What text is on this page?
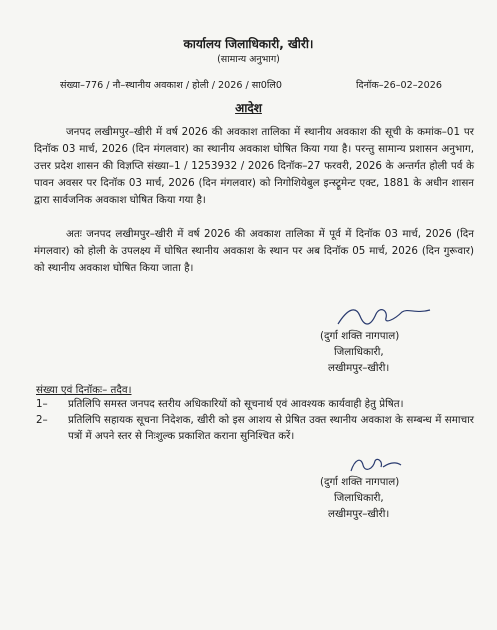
कार्यालय जिलाधिकारी, खीरी।
(सामान्य अनुभाग)
संख्या–776 / नौ–स्थानीय अवकाश / होली / 2026 / सा0लि0	दिनॉक–26–02–2026
आदेश
जनपद लखीमपुर–खीरी में वर्ष 2026 की अवकाश तालिका में स्थानीय अवकाश की सूची के कमांक–01 पर दिनॉक 03 मार्च, 2026 (दिन मंगलवार) का स्थानीय अवकाश घोषित किया गया है। परन्तु सामान्य प्रशासन अनुभाग, उत्तर प्रदेश शासन की विज्ञप्ति संख्या–1 / 1253932 / 2026 दिनॉक–27 फरवरी, 2026 के अन्तर्गत होली पर्व के पावन अवसर पर दिनॉक 03 मार्च, 2026 (दिन मंगलवार) को निगोशियेबुल इन्स्ट्रूमेन्ट एक्ट, 1881 के अधीन शासन द्वारा सार्वजनिक अवकाश घोषित किया गया है।
अतः जनपद लखीमपुर–खीरी में वर्ष 2026 की अवकाश तालिका में पूर्व में दिनॉक 03 मार्च, 2026 (दिन मंगलवार) को होली के उपलक्ष्य में घोषित स्थानीय अवकाश के स्थान पर अब दिनॉक 05 मार्च, 2026 (दिन गुरूवार) को स्थानीय अवकाश घोषित किया जाता है।
(दुर्गा शक्ति नागपाल)
जिलाधिकारी,
लखीमपुर–खीरी।
संख्या एवं दिनॉकः– तदैव।
1– प्रतिलिपि समस्त जनपद स्तरीय अधिकारियों को सूचनार्थ एवं आवश्यक कार्यवाही हेतु प्रेषित।
2– प्रतिलिपि सहायक सूचना निदेशक, खीरी को इस आशय से प्रेषित उक्त स्थानीय अवकाश के सम्बन्ध में समाचार पत्रों में अपने स्तर से निःशुल्क प्रकाशित कराना सुनिश्चित करें।
(दुर्गा शक्ति नागपाल)
जिलाधिकारी,
लखीमपुर–खीरी।
